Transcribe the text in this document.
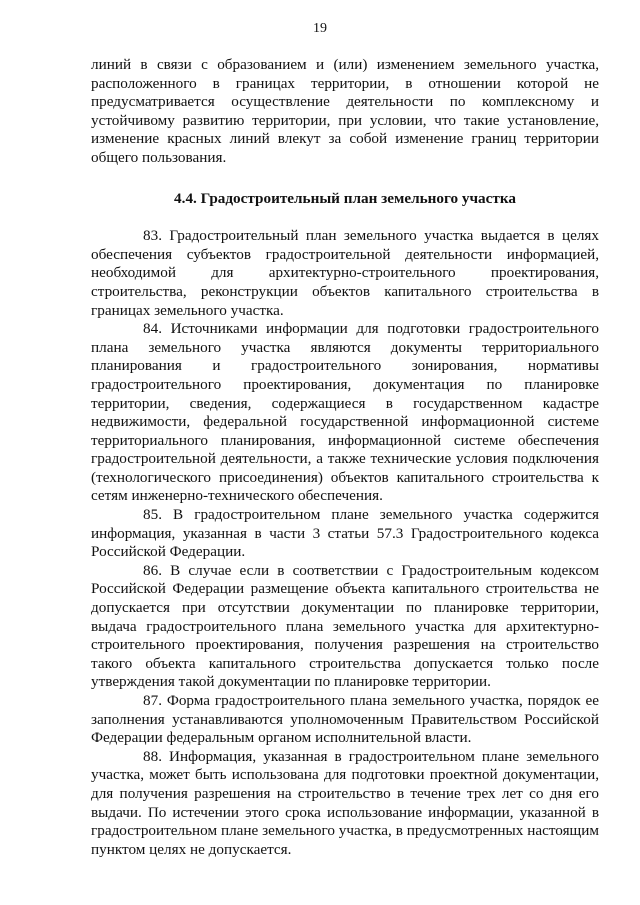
19

линий в связи с образованием и (или) изменением земельного участка, расположенного в границах территории, в отношении которой не предусматривается осуществление деятельности по комплексному и устойчивому развитию территории, при условии, что такие установление, изменение красных линий влекут за собой изменение границ территории общего пользования.

4.4. Градостроительный план земельного участка

83. Градостроительный план земельного участка выдается в целях обеспечения субъектов градостроительной деятельности информацией, необходимой для архитектурно-строительного проектирования, строительства, реконструкции объектов капитального строительства в границах земельного участка.

84. Источниками информации для подготовки градостроительного плана земельного участка являются документы территориального планирования и градостроительного зонирования, нормативы градостроительного проектирования, документация по планировке территории, сведения, содержащиеся в государственном кадастре недвижимости, федеральной государственной информационной системе территориального планирования, информационной системе обеспечения градостроительной деятельности, а также технические условия подключения (технологического присоединения) объектов капитального строительства к сетям инженерно-технического обеспечения.

85. В градостроительном плане земельного участка содержится информация, указанная в части 3 статьи 57.3 Градостроительного кодекса Российской Федерации.

86. В случае если в соответствии с Градостроительным кодексом Российской Федерации размещение объекта капитального строительства не допускается при отсутствии документации по планировке территории, выдача градостроительного плана земельного участка для архитектурно-строительного проектирования, получения разрешения на строительство такого объекта капитального строительства допускается только после утверждения такой документации по планировке территории.

87. Форма градостроительного плана земельного участка, порядок ее заполнения устанавливаются уполномоченным Правительством Российской Федерации федеральным органом исполнительной власти.

88. Информация, указанная в градостроительном плане земельного участка, может быть использована для подготовки проектной документации, для получения разрешения на строительство в течение трех лет со дня его выдачи. По истечении этого срока использование информации, указанной в градостроительном плане земельного участка, в предусмотренных настоящим пунктом целях не допускается.
